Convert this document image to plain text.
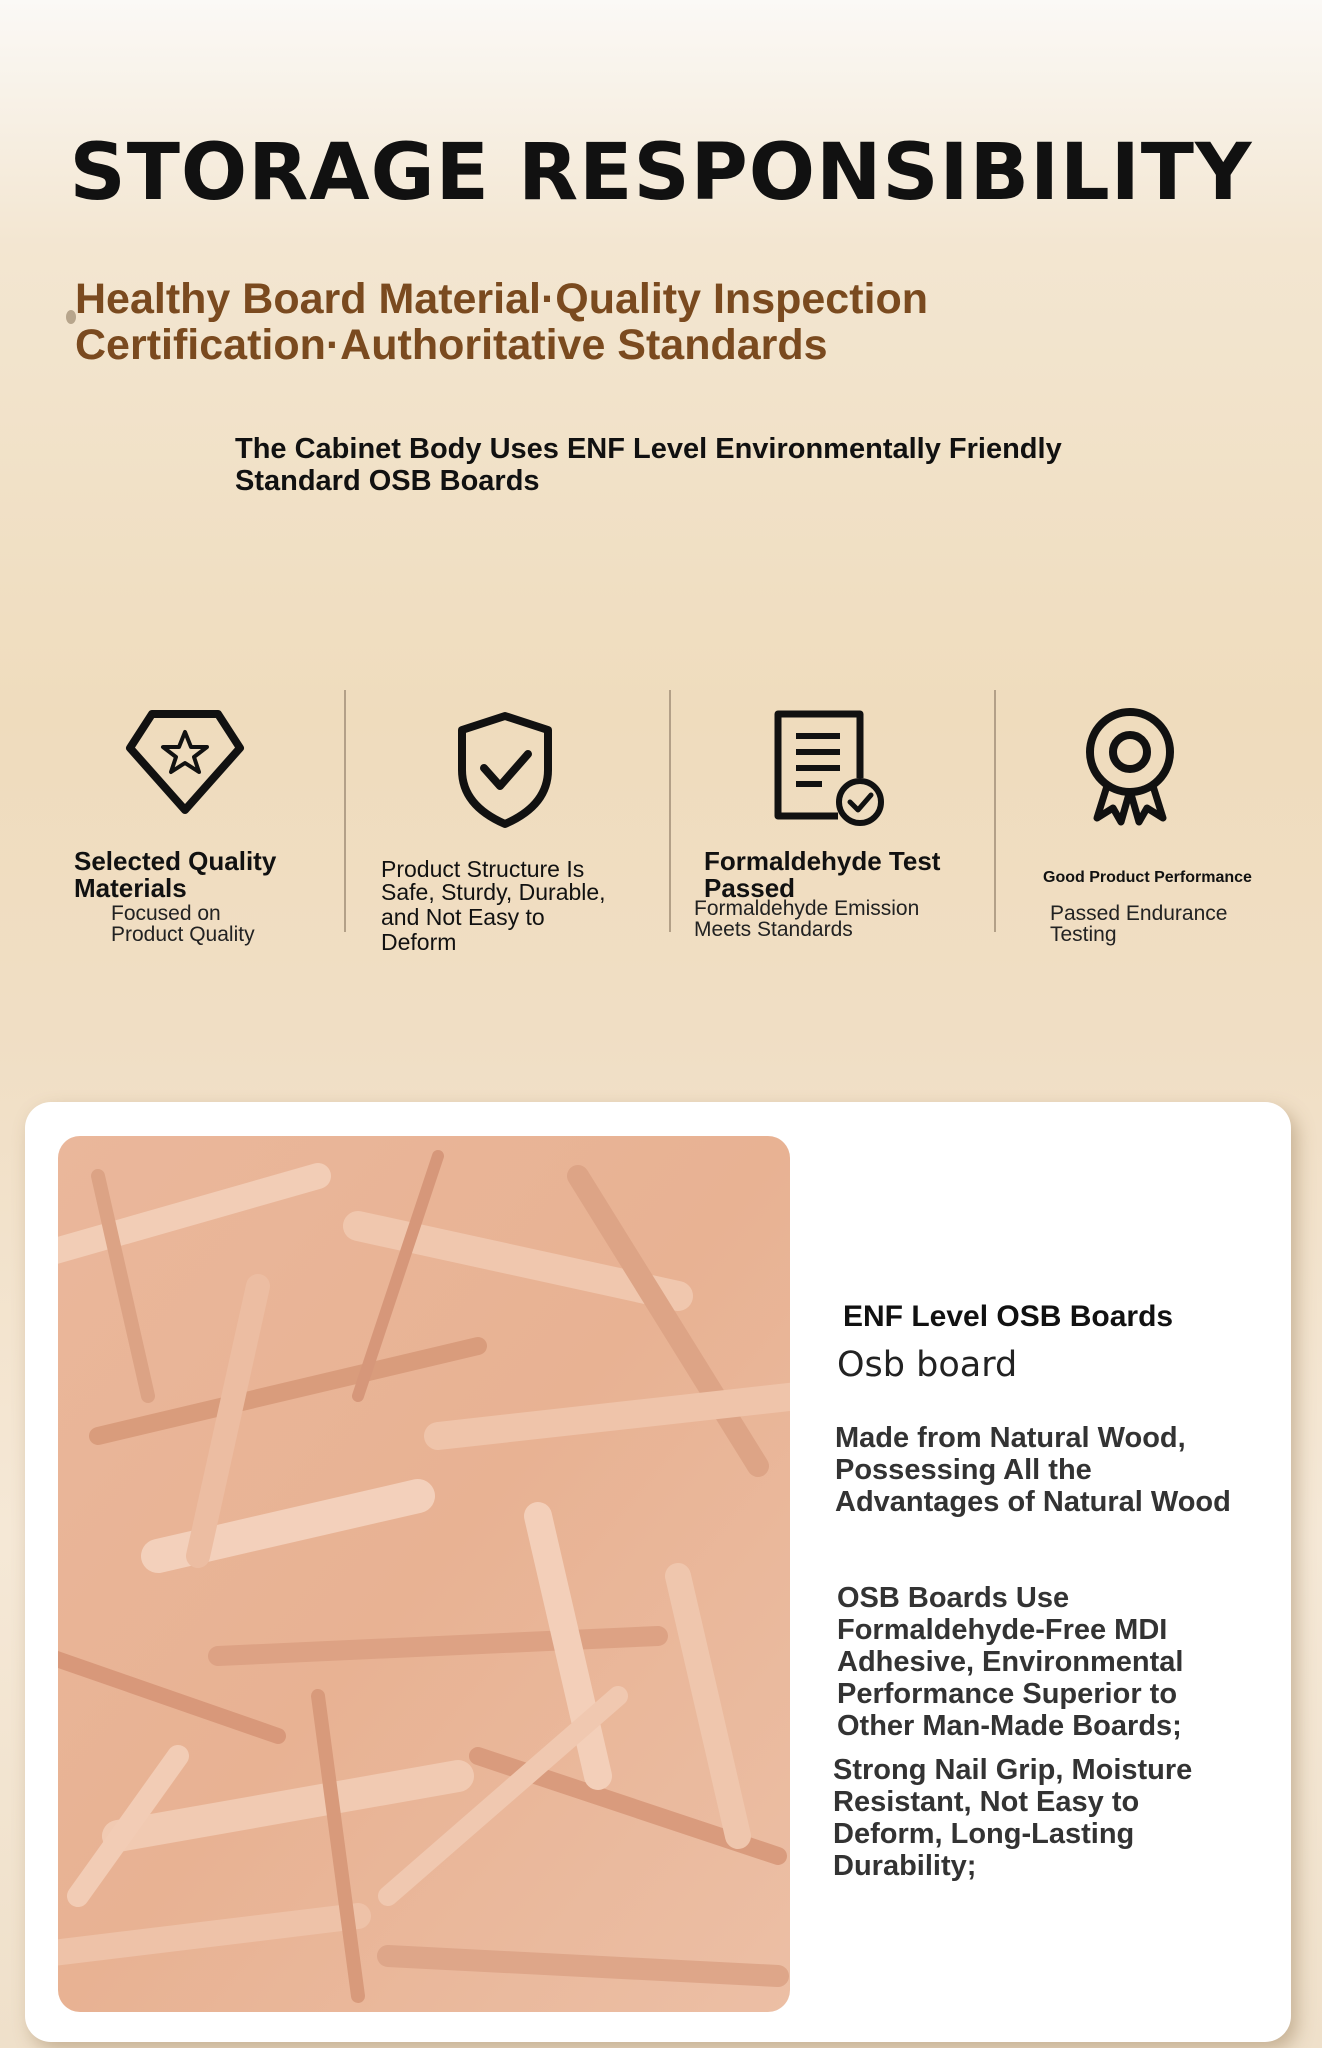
STORAGE RESPONSIBILITY
Healthy Board Material·Quality Inspection
Certification·Authoritative Standards
The Cabinet Body Uses ENF Level Environmentally Friendly
Standard OSB Boards
Selected Quality
Materials
Focused on
Product Quality
Product Structure Is
Safe, Sturdy, Durable,
and Not Easy to
Deform
Formaldehyde Test
Passed
Formaldehyde Emission
Meets Standards
Good Product Performance
Passed Endurance
Testing
ENF Level OSB Boards
Osb board
Made from Natural Wood,
Possessing All the
Advantages of Natural Wood
OSB Boards Use
Formaldehyde-Free MDI
Adhesive, Environmental
Performance Superior to
Other Man-Made Boards;
Strong Nail Grip, Moisture
Resistant, Not Easy to
Deform, Long-Lasting
Durability;
